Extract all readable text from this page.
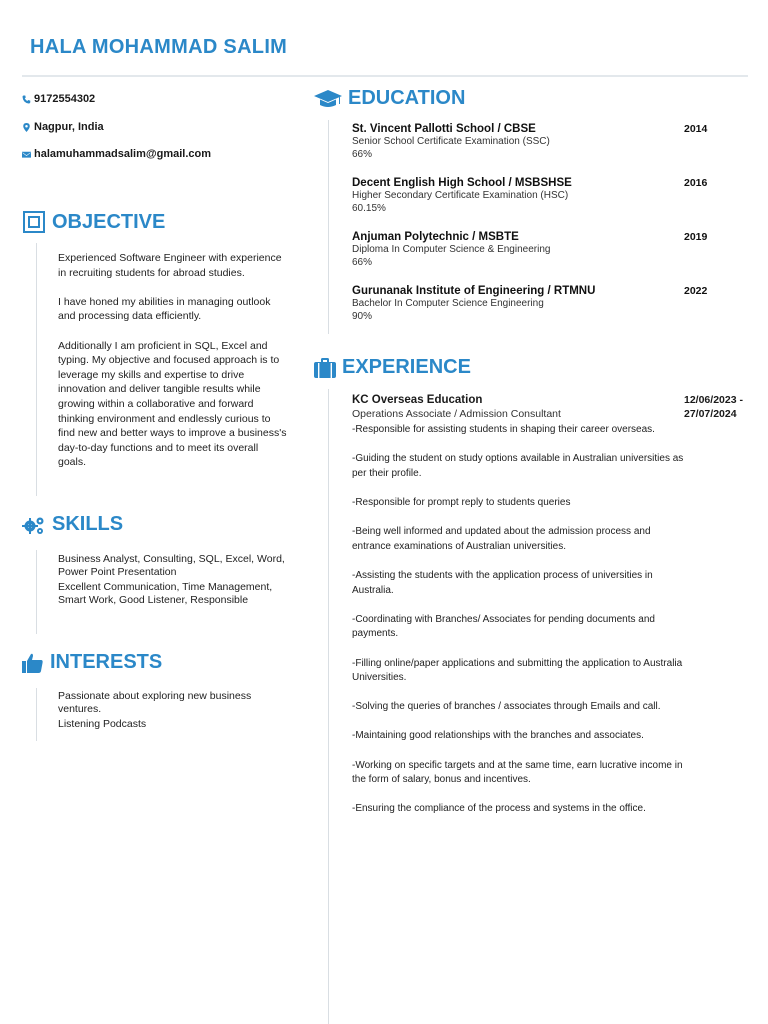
HALA MOHAMMAD SALIM
9172554302
Nagpur, India
halamuhammadsalim@gmail.com
OBJECTIVE

Experienced Software Engineer with experience in recruiting students for abroad studies.

I have honed my abilities in managing outlook and processing data efficiently.

Additionally I am proficient in SQL, Excel and typing. My objective and focused approach is to leverage my skills and expertise to drive innovation and deliver tangible results while growing within a collaborative and forward thinking environment and endlessly curious to find new and better ways to improve a business's day-to-day functions and to meet its overall goals.

SKILLS
Business Analyst, Consulting, SQL, Excel, Word, Power Point Presentation
Excellent Communication, Time Management, Smart Work, Good Listener, Responsible
INTERESTS
Passionate about exploring new business ventures.
Listening Podcasts
EDUCATION
St. Vincent Pallotti School / CBSE
Senior School Certificate Examination (SSC)
66%
2014
Decent English High School / MSBSHSE
Higher Secondary Certificate Examination (HSC)
60.15%
2016
Anjuman Polytechnic / MSBTE
Diploma In Computer Science & Engineering
66%
2019
Gurunanak Institute of Engineering / RTMNU
Bachelor In Computer Science Engineering
90%
2022
EXPERIENCE
KC Overseas Education
Operations Associate / Admission Consultant
12/06/2023 -
27/07/2024

-Responsible for assisting students in shaping their career overseas.

-Guiding the student on study options available in Australian universities as per their profile.

-Responsible for prompt reply to students queries

-Being well informed and updated about the admission process and entrance examinations of Australian universities.

-Assisting the students with the application process of universities in Australia.

-Coordinating with Branches/ Associates for pending documents and payments.

-Filling online/paper applications and submitting the application to Australia Universities.

-Solving the queries of branches / associates through Emails and call.

-Maintaining good relationships with the branches and associates.

-Working on specific targets and at the same time, earn lucrative income in the form of salary, bonus and incentives.

-Ensuring the compliance of the process and systems in the office.
